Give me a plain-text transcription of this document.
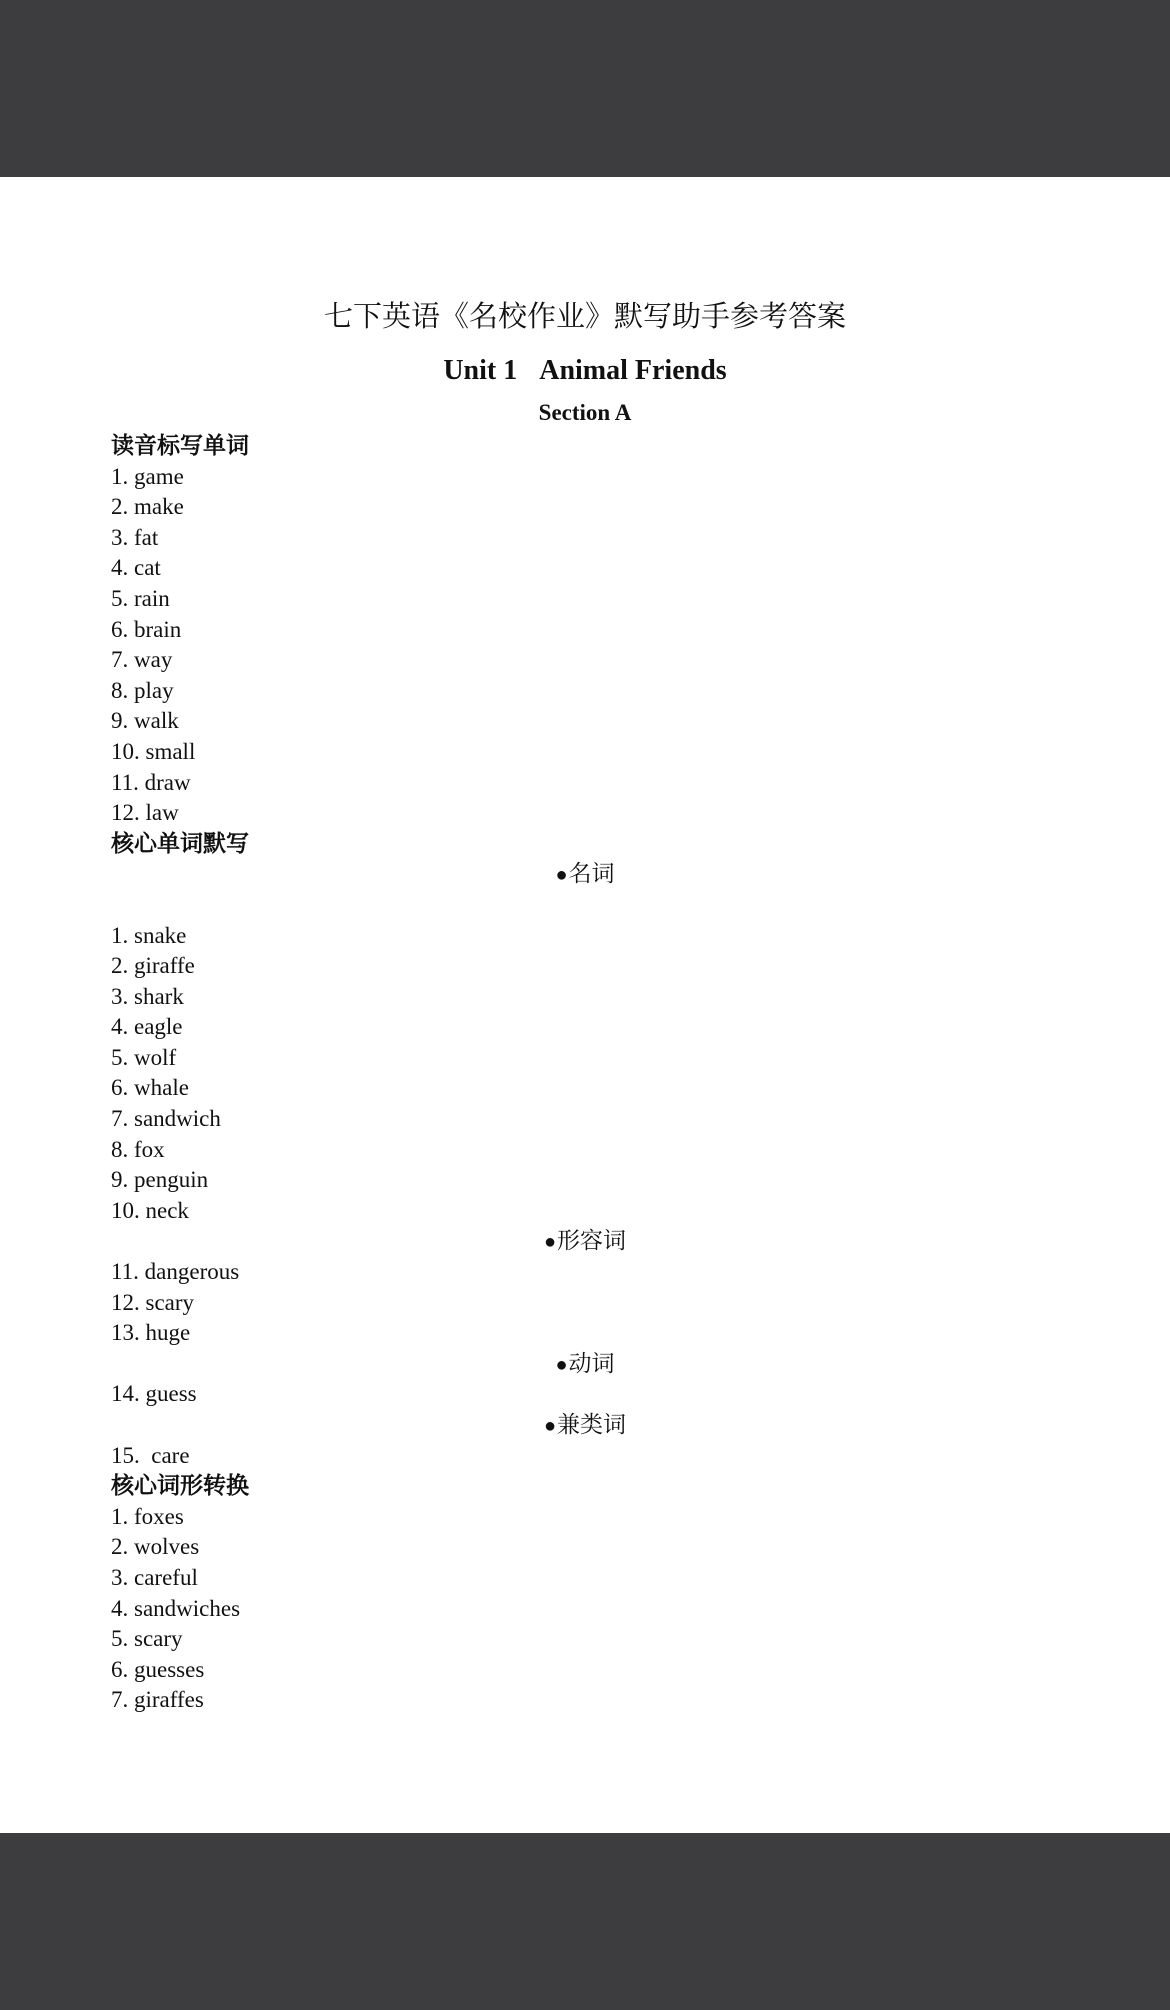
七下英语《名校作业》默写助手参考答案
Unit 1 Animal Friends
Section A
读音标写单词
1. game
2. make
3. fat
4. cat
5. rain
6. brain
7. way
8. play
9. walk
10. small
11. draw
12. law
核心单词默写
●名词
1. snake
2. giraffe
3. shark
4. eagle
5. wolf
6. whale
7. sandwich
8. fox
9. penguin
10. neck
●形容词
11. dangerous
12. scary
13. huge
●动词
14. guess
●兼类词
15.  care
核心词形转换
1. foxes
2. wolves
3. careful
4. sandwiches
5. scary
6. guesses
7. giraffes
